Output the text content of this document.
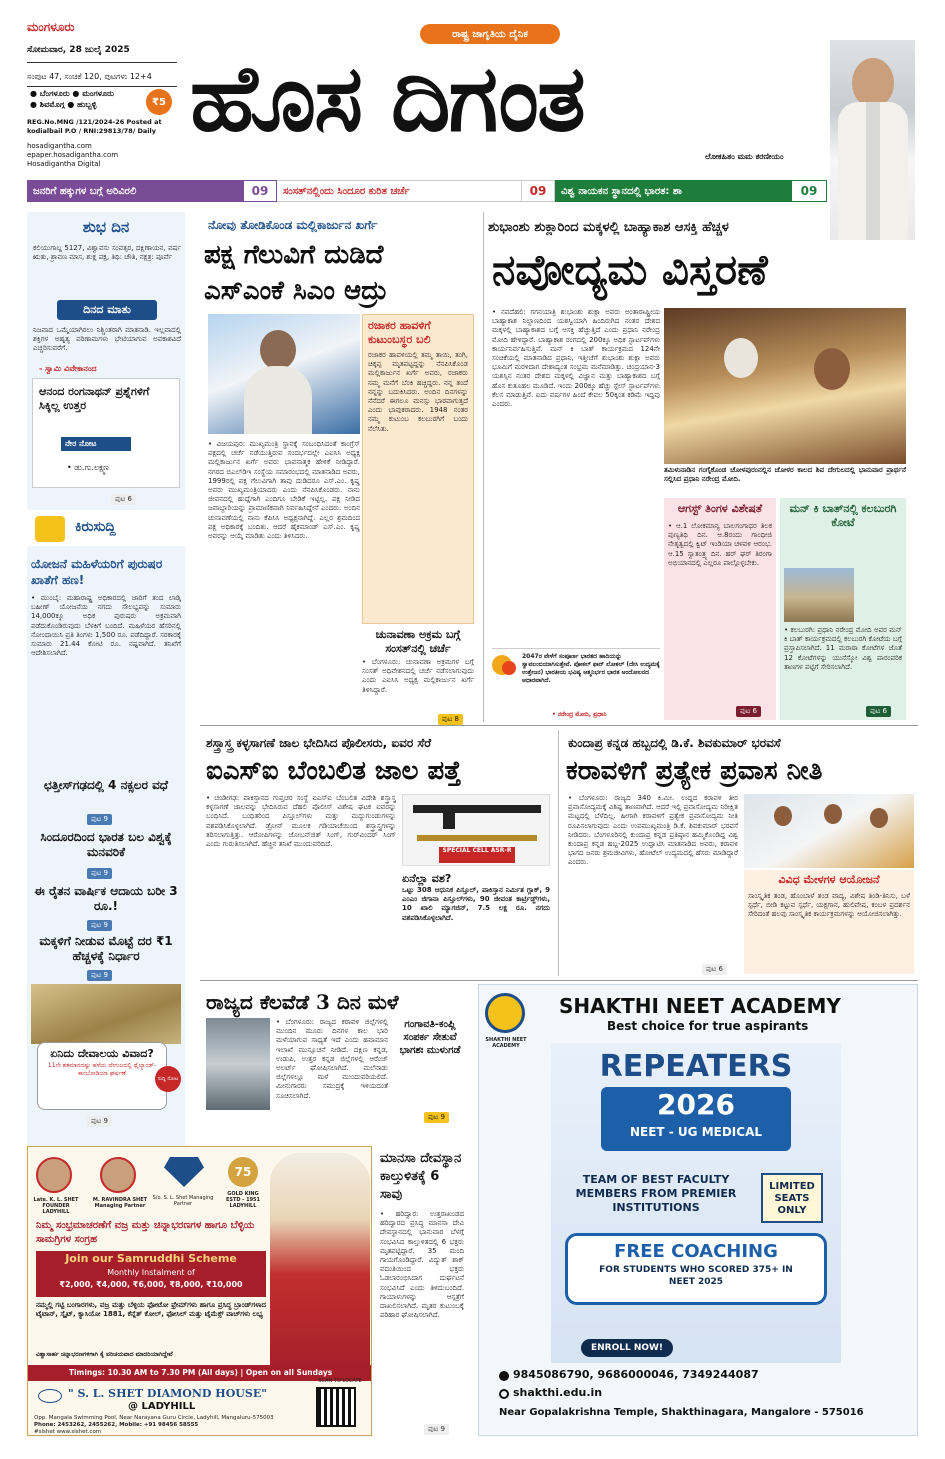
ಮಂಗಳೂರು
ಸೋಮವಾರ, 28 ಜುಲೈ 2025
ಸಂಪುಟ 47, ಸಂಚಿಕೆ 120, ಪುಟಗಳು 12+4
● ಬೆಂಗಳೂರು ● ಮಂಗಳೂರು
● ಶಿವಮೊಗ್ಗ ● ಹುಬ್ಬಳ್ಳಿ	₹5
REG.No.MNG /121/2024-26 Posted at kodialbail P.O / RNI:29813/78/ Daily
hosadigantha.com
epaper.hosadigantha.com
Hosadigantha Digital
ರಾಷ್ಟ್ರ ಜಾಗೃತಿಯ ದೈನಿಕ
ಹೊಸ ದಿಗಂತ
ಲೋಕಹಿತಂ ಮಮ ಕರಣೀಯಂ
ಜನರಿಗೆ ಹಕ್ಕುಗಳ ಬಗ್ಗೆ ಅರಿವಿರಲಿ	09 ಸಂಸತ್‌ನಲ್ಲಿಂದು ಸಿಂದೂರ ಕುರಿತ ಚರ್ಚೆ	09 ವಿಶ್ವ ನಾಯಕನ ಸ್ಥಾನದಲ್ಲಿ ಭಾರತ: ಶಾ	09
ಶುಭ ದಿನ
ಕಲಿಯುಗಾಬ್ದ 5127, ವಿಶ್ವಾವಸು ಸಂವತ್ಸರ, ದಕ್ಷಿಣಾಯನ, ವರ್ಷ ಋತು, ಶ್ರಾವಣ ಮಾಸ, ಶುಕ್ಲ ಪಕ್ಷ, ತಿಥಿ: ಚೌತಿ, ನಕ್ಷತ್ರ: ಪೂರ್ವೆ
ದಿನದ ಮಾತು
ನಿಜವಾದ ಒಮ್ಮೆಯಾಗಿರಲು ನಿಶ್ಚಿಂತರಾಗಿ ಮಾತನಾಡಿ. ಇಲ್ಲವಾದಲ್ಲಿ ಶಕ್ತಿಗಳ ಅಹೃತ್ಯ ಪರಿಣಾಮಗಳು ಭೇಟಿಯಾಗುವ ಅವಕಾಶವಿದೆ ಎಚ್ಚರಿಸುವರೆಗೆ.
- ಸ್ವಾಮಿ ವಿವೇಕಾನಂದ
ಆನಂದ ರಂಗನಾಥನ್ ಪ್ರಶ್ನೆಗಳಿಗೆ ಸಿಕ್ಕಿಲ್ಲ ಉತ್ತರ
ನೇರ ನೋಟ
• ಡು.ಗು.ಲಕ್ಷ್ಮಣ
ಪುಟ 6
ಕಿರುಸುದ್ದಿ
ಯೋಜನೆ ಮಹಿಳೆಯರಿಗೆ ಪುರುಷರ ಖಾತೆಗೆ ಹಣ!
• ಮುಂಬೈ: ಮಹಾರಾಷ್ಟ್ರ ಅಧಿಕಾರದಲ್ಲಿ ಜಾರಿಗೆ ತಂದ ಲಾಡ್ಕಿ ಬಹೀಣ್ ಯೋಜನೆಯ ನಗದು ಸೌಲಭ್ಯವನ್ನು ಸುಮಾರು 14,000ಕ್ಕೂ ಅಧಿಕ ಪುರುಷರು ಅಕ್ರಮವಾಗಿ ಪಡೆದುಕೊಂಡಿರುವುದು ಬೆಳಕಿಗೆ ಬಂದಿದೆ. ಮಹಿಳೆಯರ ಹೆಸರಿನಲ್ಲಿ ನೋಂದಾಯಿಸಿ ಪ್ರತಿ ತಿಂಗಳು 1,500 ರೂ. ಪಡೆದಿದ್ದಾರೆ. ಸರಕಾರಕ್ಕೆ ಸುಮಾರು 21.44 ಕೋಟಿ ರೂ. ನಷ್ಟವಾಗಿದೆ. ತನಿಖೆಗೆ ಆದೇಶಿಸಲಾಗಿದೆ.
ಛತ್ತೀಸ್‌ಗಢದಲ್ಲಿ 4 ನಕ್ಸಲರ ವಧೆ
ಪುಟ 9
ಸಿಂದೂರದಿಂದ ಭಾರತ ಬಲ ವಿಶ್ವಕ್ಕೆ ಮನವರಿಕೆ
ಪುಟ 9
ಈ ರೈತನ ವಾರ್ಷಿಕ ಆದಾಯ ಬರೀ 3 ರೂ.!
ಪುಟ 9
ಮಕ್ಕಳಿಗೆ ನೀಡುವ ಮೊಟ್ಟೆ ದರ ₹1 ಹೆಚ್ಚಳಕ್ಕೆ ನಿರ್ಧಾರ
ಪುಟ 9
ಏನಿದು ದೇವಾಲಯ ವಿವಾದ?
11ನೇ ಶತಮಾನದಷ್ಟು ಹಳೆಯ ದೇಗುಲದಲ್ಲಿ ಥೈಲ್ಯಾಂಡ್-ಕಾಂಬೋಡಿಯಾ ಘರ್ಷಣೆ
ಸುದ್ದಿ ನೋಟ
ಪುಟ 9
ನೋವು ತೋಡಿಕೊಂಡ ಮಲ್ಲಿಕಾರ್ಜುನ ಖರ್ಗೆ
ಪಕ್ಷ ಗೆಲುವಿಗೆ ದುಡಿದೆ
ಎಸ್‌ಎಂಕೆ ಸಿಎಂ ಆದ್ರು
• ವಿಜಯಪುರ: ಮುಖ್ಯಮಂತ್ರಿ ಸ್ಥಾನಕ್ಕೆ ಸಂಬಂಧಿಸಿದಂತೆ ಕಾಂಗ್ರೆಸ್ ಪಕ್ಷದಲ್ಲಿ ಚರ್ಚೆ ನಡೆಯುತ್ತಿರುವ ಸಂದರ್ಭದಲ್ಲೇ ಎಐಸಿಸಿ ಅಧ್ಯಕ್ಷ ಮಲ್ಲಿಕಾರ್ಜುನ ಖರ್ಗೆ ಅವರು ಭಾವನಾತ್ಮಕ ಹೇಳಿಕೆ ನೀಡಿದ್ದಾರೆ. ನಗರದ ಬಿಎಲ್‌ಡಿಇ ಸಂಸ್ಥೆಯ ಸಮಾರಂಭದಲ್ಲಿ ಮಾತನಾಡಿದ ಅವರು, 1999ರಲ್ಲಿ ಪಕ್ಷ ಗೆಲುವಿಗಾಗಿ ತಾವು ದುಡಿದರೂ ಎಸ್.ಎಂ. ಕೃಷ್ಣ ಅವರು ಮುಖ್ಯಮಂತ್ರಿಯಾದರು ಎಂದು ನೆನಪಿಸಿಕೊಂಡರು. ನಾನು ಜೀವನದಲ್ಲಿ ಹುದ್ದೆಗಾಗಿ ಎಂದಿಗೂ ಬೇಡಿಕೆ ಇಟ್ಟಿಲ್ಲ. ಪಕ್ಷ ನೀಡಿದ ಜವಾಬ್ದಾರಿಯನ್ನು ಪ್ರಾಮಾಣಿಕವಾಗಿ ನಿರ್ವಹಿಸಿದ್ದೇನೆ ಎಂದರು. ಅಂದಿನ ಚುನಾವಣೆಯಲ್ಲಿ ನಾನು ಕೆಪಿಸಿಸಿ ಅಧ್ಯಕ್ಷನಾಗಿದ್ದೆ. ಎಲ್ಲರ ಶ್ರಮದಿಂದ ಪಕ್ಷ ಅಧಿಕಾರಕ್ಕೆ ಬಂದಿತು. ಆದರೆ ಹೈಕಮಾಂಡ್ ಎಸ್.ಎಂ. ಕೃಷ್ಣ ಅವರನ್ನು ಆಯ್ಕೆ ಮಾಡಿತು ಎಂದು ತಿಳಿಸಿದರು.
ರಜಾಕರ ಹಾವಳಿಗೆ ಕುಟುಂಬಸ್ಥರ ಬಲಿ
ರಜಾಕರ ಹಾವಳಿಯಲ್ಲಿ ತಮ್ಮ ತಾಯಿ, ತಂಗಿ, ಚಿಕ್ಕಪ್ಪ ಮೃತಪಟ್ಟದ್ದನ್ನು ನೆನಪಿಸಿಕೊಂಡ ಮಲ್ಲಿಕಾರ್ಜುನ ಖರ್ಗೆ ಅವರು, ರಜಾಕರು ನಮ್ಮ ಮನೆಗೆ ಬೆಂಕಿ ಹಚ್ಚಿದ್ದರು. ನನ್ನ ತಂದೆ ನನ್ನನ್ನು ಬದುಕಿಸಿದರು. ಅಂದಿನ ದಿನಗಳನ್ನು ನೆನೆದರೆ ಈಗಲೂ ಮನಸ್ಸು ಭಾರವಾಗುತ್ತದೆ ಎಂದು ಭಾವುಕರಾದರು. 1948 ನಂತರ ನಮ್ಮ ಕುಟುಂಬ ಕಲಬುರಗಿಗೆ ಬಂದು ನೆಲೆಸಿತು.
ಚುನಾವಣಾ ಅಕ್ರಮ ಬಗ್ಗೆ ಸಂಸತ್‌ನಲ್ಲಿ ಚರ್ಚೆ
• ಬೆಂಗಳೂರು: ಚುನಾವಣಾ ಅಕ್ರಮಗಳ ಬಗ್ಗೆ ಸಂಸತ್ ಅಧಿವೇಶನದಲ್ಲಿ ಚರ್ಚೆ ನಡೆಸಲಾಗುವುದು ಎಂದು ಎಐಸಿಸಿ ಅಧ್ಯಕ್ಷ ಮಲ್ಲಿಕಾರ್ಜುನ ಖರ್ಗೆ ತಿಳಿಸಿದ್ದಾರೆ.
ಪುಟ 8
ಶುಭಾಂಶು ಶುಕ್ಲಾರಿಂದ ಮಕ್ಕಳಲ್ಲಿ ಬಾಹ್ಯಾಕಾಶ ಆಸಕ್ತಿ ಹೆಚ್ಚಳ
ನವೋದ್ಯಮ ವಿಸ್ತರಣೆ
• ನವದೆಹಲಿ: ಗಗನಯಾತ್ರಿ ಶುಭಾಂಶು ಶುಕ್ಲಾ ಅವರು ಅಂತಾರಾಷ್ಟ್ರೀಯ ಬಾಹ್ಯಾಕಾಶ ನಿಲ್ದಾಣದಿಂದ ಯಶಸ್ವಿಯಾಗಿ ಹಿಂದಿರುಗಿದ ನಂತರ ದೇಶದ ಮಕ್ಕಳಲ್ಲಿ ಬಾಹ್ಯಾಕಾಶದ ಬಗ್ಗೆ ಆಸಕ್ತಿ ಹೆಚ್ಚುತ್ತಿದೆ ಎಂದು ಪ್ರಧಾನಿ ನರೇಂದ್ರ ಮೋದಿ ಹೇಳಿದ್ದಾರೆ. ಬಾಹ್ಯಾಕಾಶ ರಂಗದಲ್ಲಿ 200ಕ್ಕೂ ಅಧಿಕ ಸ್ಟಾರ್ಟಪ್‌ಗಳು ಕಾರ್ಯನಿರ್ವಹಿಸುತ್ತಿವೆ. ಮನ್ ಕಿ ಬಾತ್ ಕಾರ್ಯಕ್ರಮದ 124ನೇ ಸಂಚಿಕೆಯಲ್ಲಿ ಮಾತನಾಡಿದ ಪ್ರಧಾನಿ, ಇತ್ತೀಚೆಗೆ ಶುಭಾಂಶು ಶುಕ್ಲಾ ಅವರು ಭೂಮಿಗೆ ಮರಳಿದಾಗ ದೇಶಾದ್ಯಂತ ಸಂಭ್ರಮ ಮನೆಮಾಡಿತ್ತು. ಚಂದ್ರಯಾನ-3 ಯಶಸ್ಸಿನ ನಂತರ ದೇಶದ ಮಕ್ಕಳಲ್ಲಿ ವಿಜ್ಞಾನ ಮತ್ತು ಬಾಹ್ಯಾಕಾಶದ ಬಗ್ಗೆ ಹೊಸ ಕುತೂಹಲ ಮೂಡಿದೆ. ಇಂದು 200ಕ್ಕೂ ಹೆಚ್ಚು ಸ್ಪೇಸ್ ಸ್ಟಾರ್ಟಪ್‌ಗಳು ಕೆಲಸ ಮಾಡುತ್ತಿವೆ. ಐದು ವರ್ಷಗಳ ಹಿಂದೆ ಕೇವಲ 50ಕ್ಕಿಂತ ಕಡಿಮೆ ಇದ್ದವು ಎಂದರು.
ತಮಿಳುನಾಡಿನ ಗಂಗೈಕೊಂಡ ಚೋಳಪುರಂನಲ್ಲಿನ ಚೋಳರ ಕಾಲದ ಶಿವ ದೇಗುಲದಲ್ಲಿ ಭಾನುವಾರ ಪ್ರಾರ್ಥನೆ ಸಲ್ಲಿಸಿದ ಪ್ರಧಾನಿ ನರೇಂದ್ರ ಮೋದಿ.
2047ರ ವೇಳೆಗೆ ಸಂಪೂರ್ಣ ಭಾರತದ ಹಾದಿಯನ್ನು ಸ್ವಾವಲಂಬಿಯಾಗಿಸುತ್ತೇವೆ. ಪೋಕಲ್ ಫಾರ್ ಲೋಕಲ್ (ದೇಸಿ ಉದ್ಯಮಕ್ಕೆ ಉತ್ತೇಜನ) ಭಾರತೀಯ ಭವಿಷ್ಯ ಆತ್ಮನಿರ್ಭರ ಭಾರತ ಆಂದೋಲನದ ಆಧಾರವಾಗಿದೆ.
• ನರೇಂದ್ರ ಮೋದಿ, ಪ್ರಧಾನಿ
ಆಗಸ್ಟ್ ತಿಂಗಳ ವಿಶೇಷತೆ
• ಆ.1 ಲೋಕಮಾನ್ಯ ಬಾಲಗಂಗಾಧರ ತಿಲಕ ಪುಣ್ಯತಿಥಿ ದಿನ. ಆ.8ರಂದು ಗಾಂಧೀಜಿ ನೇತೃತ್ವದಲ್ಲಿ ಕ್ವಿಟ್ ಇಂಡಿಯಾ ಚಳವಳಿ ಆರಂಭ. ಆ.15 ಸ್ವಾತಂತ್ರ್ಯ ದಿನ. ಹರ್ ಘರ್ ತಿರಂಗಾ ಅಭಿಯಾನದಲ್ಲಿ ಎಲ್ಲರೂ ಪಾಲ್ಗೊಳ್ಳಬೇಕು.
ಪುಟ 6
ಮನ್ ಕಿ ಬಾತ್‌ನಲ್ಲಿ ಕಲಬುರಗಿ ಕೋಟೆ
• ಕಲಬುರಗಿ: ಪ್ರಧಾನಿ ನರೇಂದ್ರ ಮೋದಿ ಅವರ ಮನ್ ಕಿ ಬಾತ್ ಕಾರ್ಯಕ್ರಮದಲ್ಲಿ ಕಲಬುರಗಿ ಕೋಟೆಯ ಬಗ್ಗೆ ಪ್ರಸ್ತಾಪಿಸಲಾಗಿದೆ. 11 ಮರಾಠಾ ಕೋಟೆಗಳ ಜೊತೆ 12 ಕೋಟೆಗಳನ್ನು ಯುನೆಸ್ಕೋ ವಿಶ್ವ ಪಾರಂಪರಿಕ ತಾಣಗಳ ಪಟ್ಟಿಗೆ ಸೇರಿಸಲಾಗಿದೆ.
ಪುಟ 6
ಶಸ್ತ್ರಾಸ್ತ್ರ ಕಳ್ಳಸಾಗಣೆ ಜಾಲ ಭೇದಿಸಿದ ಪೊಲೀಸರು, ಐವರ ಸೆರೆ
ಐಎಸ್‌ಐ ಬೆಂಬಲಿತ ಜಾಲ ಪತ್ತೆ
• ಚಂಡೀಗಢ: ಪಾಕಿಸ್ತಾನದ ಗುಪ್ತಚರ ಸಂಸ್ಥೆ ಐಎಸ್‌ಐ ಬೆಂಬಲಿತ ವಿದೇಶಿ ಶಸ್ತ್ರಾಸ್ತ್ರ ಕಳ್ಳಸಾಗಣೆ ಜಾಲವನ್ನು ಭೇದಿಸಿರುವ ದೆಹಲಿ ಪೊಲೀಸ್ ವಿಶೇಷ ಘಟಕ ಐವರನ್ನು ಬಂಧಿಸಿದೆ. ಬಂಧಿತರಿಂದ ಪಿಸ್ತೂಲ್‌ಗಳು ಮತ್ತು ಮದ್ದುಗುಂಡುಗಳನ್ನು ವಶಪಡಿಸಿಕೊಳ್ಳಲಾಗಿದೆ. ಡ್ರೋನ್ ಮೂಲಕ ಗಡಿಯಾಚೆಯಿಂದ ಶಸ್ತ್ರಾಸ್ತ್ರಗಳನ್ನು ತರಿಸಲಾಗುತ್ತಿತ್ತು. ಆರೋಪಿಗಳನ್ನು ಜೋಬನ್‌ಜಿತ್ ಸಿಂಗ್, ಗುರ್‌ವಿಂದರ್ ಸಿಂಗ್ ಎಂದು ಗುರುತಿಸಲಾಗಿದೆ. ಹೆಚ್ಚಿನ ತನಿಖೆ ಮುಂದುವರಿದಿದೆ.
SPECIAL CELL ASR-R
ಏನೆಲ್ಲಾ ವಶ?
ಒಟ್ಟು 308 ಆಧುನಿಕ ಪಿಸ್ತೂಲ್, ಪಾಕಿಸ್ತಾನ ನಿರ್ಮಿತ ಗ್ಲಾಕ್, 9 ಎಂಎಂ ಜಿಗಾನಾ ಪಿಸ್ತೂಲ್‌ಗಳು, 90 ಜೀವಂತ ಕಾರ್ಟ್ರಿಡ್ಜ್‌ಗಳು, 10 ಖಾಲಿ ಮ್ಯಾಗಜಿನ್, 7.5 ಲಕ್ಷ ರೂ. ನಗದು ವಶಪಡಿಸಿಕೊಳ್ಳಲಾಗಿದೆ.
ಕುಂದಾಪ್ರ ಕನ್ನಡ ಹಬ್ಬದಲ್ಲಿ ಡಿ.ಕೆ. ಶಿವಕುಮಾರ್ ಭರವಸೆ
ಕರಾವಳಿಗೆ ಪ್ರತ್ಯೇಕ ಪ್ರವಾಸ ನೀತಿ
• ಬೆಂಗಳೂರು: ರಾಜ್ಯದ 340 ಕಿ.ಮೀ. ಉದ್ದದ ಕರಾವಳಿ ತೀರ ಪ್ರವಾಸೋದ್ಯಮಕ್ಕೆ ವಿಶಿಷ್ಟ ತಾಣವಾಗಿದೆ. ಆದರೆ ಇಲ್ಲಿ ಪ್ರವಾಸೋದ್ಯಮ ನಿರೀಕ್ಷಿತ ಮಟ್ಟದಲ್ಲಿ ಬೆಳೆದಿಲ್ಲ. ಹೀಗಾಗಿ ಕರಾವಳಿಗೆ ಪ್ರತ್ಯೇಕ ಪ್ರವಾಸೋದ್ಯಮ ನೀತಿ ರೂಪಿಸಲಾಗುವುದು ಎಂದು ಉಪಮುಖ್ಯಮಂತ್ರಿ ಡಿ.ಕೆ. ಶಿವಕುಮಾರ್ ಭರವಸೆ ನೀಡಿದರು. ಬೆಂಗಳೂರಿನಲ್ಲಿ ಕುಂದಾಪ್ರ ಕನ್ನಡ ಪ್ರತಿಷ್ಠಾನ ಹಮ್ಮಿಕೊಂಡಿದ್ದ ವಿಶ್ವ ಕುಂದಾಪ್ರ ಕನ್ನಡ ಹಬ್ಬ-2025 ಉದ್ಘಾಟಿಸಿ ಮಾತನಾಡಿದ ಅವರು, ಕರಾವಳಿ ಭಾಗದ ಜನರು ಶ್ರಮಜೀವಿಗಳು, ಹೋಟೆಲ್ ಉದ್ಯಮದಲ್ಲಿ ಹೆಸರು ಮಾಡಿದ್ದಾರೆ ಎಂದರು.
ವಿವಿಧ ಮೇಳಗಳ ಆಯೋಜನೆ
ಸಾಂಸ್ಕೃತಿಕ ತಂಡ, ಹೊಂಬಾಳೆ ತಂಡ ವಾದ್ಯ, ವಿಶೇಷ ತಿಂಡಿ-ತಿನಿಸು, ಬಳೆ ಸ್ಪರ್ಧೆ, ಬೀಡಿ ಕಟ್ಟುವ ಸ್ಪರ್ಧೆ, ಯಕ್ಷಗಾನ, ಹುಲಿವೇಷ, ಕಂಬಳ ಪ್ರದರ್ಶನ ಸೇರಿದಂತೆ ಹಲವು ಸಾಂಸ್ಕೃತಿಕ ಕಾರ್ಯಕ್ರಮಗಳನ್ನು ಆಯೋಜಿಸಲಾಗಿತ್ತು.
ಪುಟ 6
ರಾಜ್ಯದ ಕೆಲವೆಡೆ 3 ದಿನ ಮಳೆ
• ಬೆಂಗಳೂರು: ರಾಜ್ಯದ ಕರಾವಳಿ ಜಿಲ್ಲೆಗಳಲ್ಲಿ ಮುಂದಿನ ಮೂರು ದಿನಗಳ ಕಾಲ ಭಾರಿ ಮಳೆಯಾಗುವ ಸಾಧ್ಯತೆ ಇದೆ ಎಂದು ಹವಾಮಾನ ಇಲಾಖೆ ಮುನ್ಸೂಚನೆ ನೀಡಿದೆ. ದಕ್ಷಿಣ ಕನ್ನಡ, ಉಡುಪಿ, ಉತ್ತರ ಕನ್ನಡ ಜಿಲ್ಲೆಗಳಲ್ಲಿ ಆರೆಂಜ್ ಅಲರ್ಟ್ ಘೋಷಿಸಲಾಗಿದೆ. ಮಲೆನಾಡು ಜಿಲ್ಲೆಗಳಲ್ಲೂ ಮಳೆ ಮುಂದುವರಿಯಲಿದೆ. ಮೀನುಗಾರರು ಸಮುದ್ರಕ್ಕೆ ಇಳಿಯದಂತೆ ಸೂಚಿಸಲಾಗಿದೆ.
ಗಂಗಾವತಿ-ಕಂಪ್ಲಿ ಸಂಪರ್ಕ ಸೇತುವೆ ಭಾಗಶಃ ಮುಳುಗಡೆ
ಪುಟ 9
ಮಾನಸಾ ದೇವಸ್ಥಾನ ಕಾಲ್ತುಳಿತಕ್ಕೆ 6 ಸಾವು
• ಹರಿದ್ವಾರ: ಉತ್ತರಾಖಂಡದ ಹರಿದ್ವಾರದ ಪ್ರಸಿದ್ಧ ಮಾನಸಾ ದೇವಿ ದೇವಸ್ಥಾನದಲ್ಲಿ ಭಾನುವಾರ ಬೆಳಗ್ಗೆ ಸಂಭವಿಸಿದ ಕಾಲ್ತುಳಿತದಲ್ಲಿ 6 ಭಕ್ತರು ಮೃತಪಟ್ಟಿದ್ದಾರೆ. 35 ಮಂದಿ ಗಾಯಗೊಂಡಿದ್ದಾರೆ. ವಿದ್ಯುತ್ ಶಾಕ್ ವದಂತಿಯಿಂದ ಭಕ್ತರು ಓಡಲಾರಂಭಿಸಿದಾಗ ದುರ್ಘಟನೆ ಸಂಭವಿಸಿದೆ ಎಂದು ತಿಳಿದುಬಂದಿದೆ. ಗಾಯಾಳುಗಳನ್ನು ಆಸ್ಪತ್ರೆಗೆ ದಾಖಲಿಸಲಾಗಿದೆ. ಮೃತರ ಕುಟುಂಬಕ್ಕೆ ಪರಿಹಾರ ಘೋಷಿಸಲಾಗಿದೆ.
ಪುಟ 9
Late. K. L. SHET FOUNDER LADYHILL
M. RAVINDRA SHET Managing Partner
S/o. S. L. Shet Managing Partner
75
GOLD KING ESTD - 1951 LADYHILL
ನಿಮ್ಮ ಸಂಭ್ರಮಾಚರಣೆಗೆ ವಜ್ರ ಮತ್ತು ಚಿನ್ನಾಭರಣಗಳ ಹಾಗೂ ಬೆಳ್ಳಿಯ ಸಾಮಗ್ರಿಗಳ ಸಂಗ್ರಹ
Join our Samruddhi Scheme
Monthly Instalment of
₹2,000, ₹4,000, ₹6,000, ₹8,000, ₹10,000
ನಮ್ಮಲ್ಲಿ ಗಟ್ಟಿ ಬಂಗಾರಗಳು, ವಜ್ರ ಮತ್ತು ಬೆಳ್ಳಿಯ ಫೋಟೋ ಫ್ರೇಮ್‌ಗಳು ಹಾಗೂ ಪ್ರಸಿದ್ಧ ಬ್ರಾಂಡ್‌ಗಳಾದ ಟೈಟಾನ್, ಸ್ಕೈಟ್, ಕ್ಯಾಸಿಯೋ 1881, ಕೆನ್ನೆತ್ ಕೋಲ್, ಫೋಸಿಲ್ ಮತ್ತು ಟೈಮೆಕ್ಸ್ ವಾಚ್‌ಗಳು ಲಭ್ಯ
ವಿಶ್ವಾಸಾರ್ಹ ಚಿನ್ನಾಭರಣಗಳಿಗಾಗಿ ಕೈ ಪರಿಚಯವಾದ ಮಾದರಿಯಾಗಿದ್ದೇವೆ
Timings: 10.30 AM to 7.30 PM (All days) | Open on all Sundays
" S. L. SHET DIAMOND HOUSE"
@ LADYHILL
Opp. Mangala Swimming Pool, Near Narayana Guru Circle, Ladyhill, Mangaluru-575003
Phone: 2453262, 2455262, Mobile: +91 98456 58555
#slshet www.slshet.com
SCAN TO LOCATE
SHAKTHI NEET ACADEMY
SHAKTHI NEET ACADEMY
Best choice for true aspirants
REPEATERS
2026
NEET - UG MEDICAL
TEAM OF BEST FACULTY MEMBERS FROM PREMIER INSTITUTIONS
LIMITED SEATS ONLY
FREE COACHING
FOR STUDENTS WHO SCORED 375+ IN NEET 2025
ENROLL NOW!
9845086790, 9686000046, 7349244087
shakthi.edu.in
Near Gopalakrishna Temple, Shakthinagara, Mangalore - 575016
